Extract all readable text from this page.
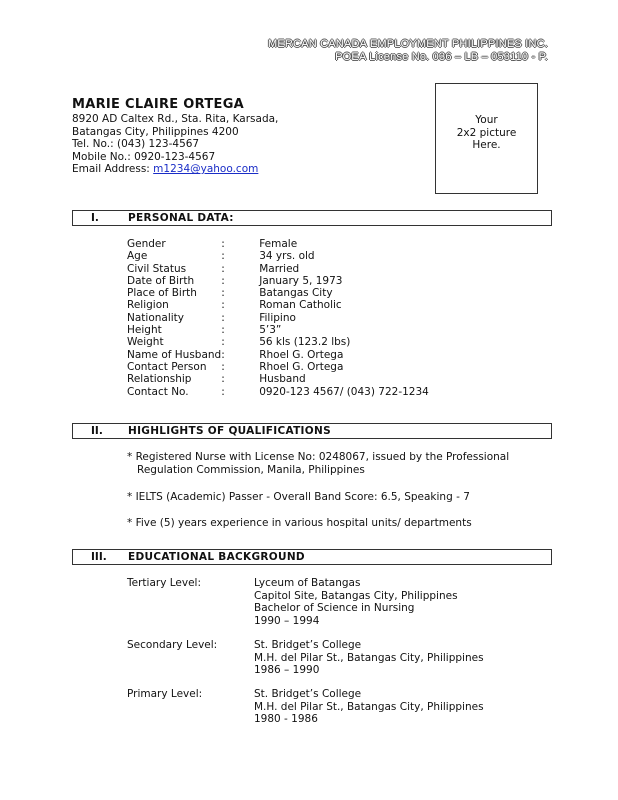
MERCAN CANADA EMPLOYMENT PHILIPPINES INC.
POEA License No. 036 – LB – 053110 - P.
MARIE CLAIRE ORTEGA
8920 AD Caltex Rd., Sta. Rita, Karsada,
Batangas City, Philippines 4200
Tel. No.: (043) 123-4567
Mobile No.: 0920-123-4567
Email Address: m1234@yahoo.com
Your
2x2 picture
Here.
I.	PERSONAL DATA:
Gender	:	Female
Age	:	34 yrs. old
Civil Status	:	Married
Date of Birth	:	January 5, 1973
Place of Birth	:	Batangas City
Religion	:	Roman Catholic
Nationality	:	Filipino
Height	:	5’3”
Weight	:	56 kls (123.2 lbs)
Name of Husband	:	Rhoel G. Ortega
Contact Person	:	Rhoel G. Ortega
Relationship	:	Husband
Contact No.	:	0920-123 4567/ (043) 722-1234
II. HIGHLIGHTS OF QUALIFICATIONS
* Registered Nurse with License No: 0248067, issued by the Professional
Regulation Commission, Manila, Philippines
* IELTS (Academic) Passer - Overall Band Score: 6.5, Speaking - 7
* Five (5) years experience in various hospital units/ departments
III. EDUCATIONAL BACKGROUND
Tertiary Level:	Lyceum of Batangas
Capitol Site, Batangas City, Philippines
Bachelor of Science in Nursing
1990 – 1994
Secondary Level:	St. Bridget’s College
M.H. del Pilar St., Batangas City, Philippines
1986 – 1990
Primary Level:	St. Bridget’s College
M.H. del Pilar St., Batangas City, Philippines
1980 - 1986
